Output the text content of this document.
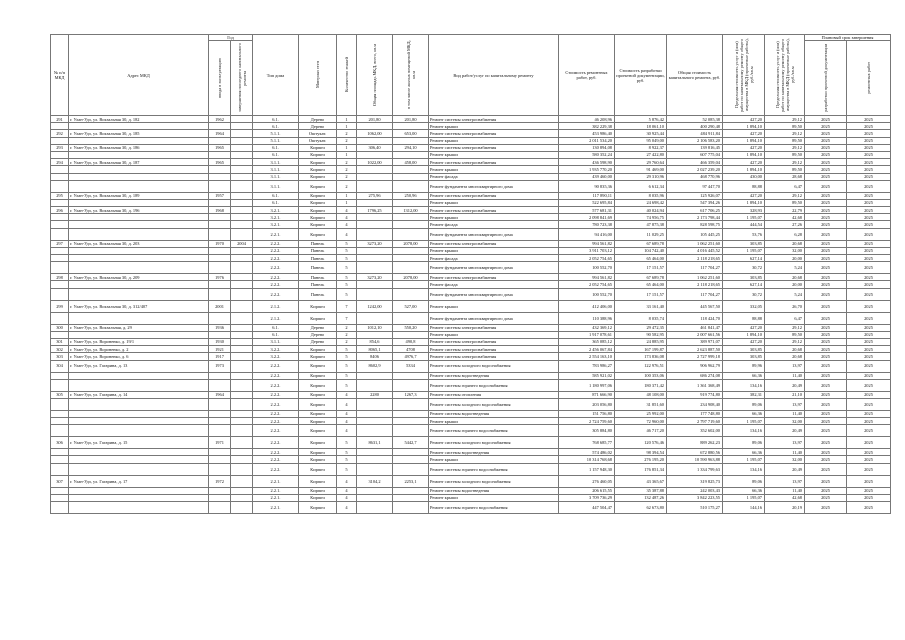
№ п/п МКД	Адрес МКД	Год		Тип дома	Материал стен	Количество этажей	Общая площадь МКД, всего, кв.м	в том числе жилых помещений МКД, кв.м	Вид работ/услуг по капитальному ремонту	Стоимость ремонтных работ, руб.	Стоимость разработки проектной документации, руб.	Общая стоимость капитального ремонта, руб.	Предельная стоимость услуг и (или) работ по капитальному ремонту общего имущества в МКД (проектные работы), руб./кв.м	Предельная стоимость услуг и (или) работ по капитальному ремонту общего имущества в МКД (проектные работы), руб./кв.м	Плановый срок завершения	

		ввода в эксплуатацию	завершения последнего капитального ремонта												разработки проектной документации	ремонтных работ

291	г. Улан-Удэ, ул. Вокзальная 30, д. 182	1962		6.1.	Дерево	1	201,80	201,80	Ремонт системы электроснабжения	46 208,96	5 876,42	52 085,38	427,20	29,12	2025	2025
				6.1.	Дерево	1			Ремонт крыши	382 229,38	18 061,10	400 290,48	1 894,10	89,50	2025	2025
292	г. Улан-Удэ, ул. Вокзальная 30, д. 185	1964		5.1.1.	Оштукат.	2	1062,00	653,00	Ремонт системы электроснабжения	453 986,40	30 925,44	484 911,84	427,20	29,12	2025	2025
				5.1.1.	Оштукат.	2			Ремонт крыши	2 011 534,20	95 049,00	2 106 583,20	1 894,10	89,50	2025	2025
293	г. Улан-Удэ, ул. Вокзальная 30, д. 186	1965		6.1.	Кирпич	1	306,40	294,10	Ремонт системы электроснабжения	130 894,08	8 922,37	139 816,45	427,20	29,12	2025	2025
				6.1.	Кирпич	1			Ремонт крыши	580 352,24	27 422,80	607 775,04	1 894,10	89,50	2025	2025
294	г. Улан-Удэ, ул. Вокзальная 30, д. 187	1965		3.1.1.	Кирпич	2	1022,00	458,00	Ремонт системы электроснабжения	436 598,90	29 760,64	466 359,04	427,20	29,12	2025	2025
				3.1.1.	Кирпич	2			Ремонт крыши	1 935 770,20	91 469,00	2 027 239,20	1 894,10	89,50	2025	2025
				3.1.1.	Кирпич	2			Ремонт фасада	439 460,00	29 310,96	468 770,96	430,00	28,68	2025	2025
				3.1.1.	Кирпич	2			Ремонт фундамента многоквартирного дома	90 835,36	6 612,34	97 447,70	88,88	6,47	2025	2025
295	г. Улан-Удэ, ул. Вокзальная 30, д. 189	1957		6.1.	Кирпич	1	275,96	250,96	Ремонт системы электроснабжения	117 890,11	8 035,96	125 926,07	427,20	29,12	2025	2025
				6.1.	Кирпич	1			Ремонт крыши	522 695,84	24 698,42	547 394,26	1 894,10	89,50	2025	2025
296	г. Улан-Удэ, ул. Вокзальная 30, д. 196	1968		3.2.1.	Кирпич	4	1796,25	1312,00	Ремонт системы электроснабжения	577 681,31	40 024,94	617 706,25	328,93	22,79	2025	2025
				3.2.1.	Кирпич	4			Ремонт крыши	2 098 841,69	74 956,75	2 173 798,44	1 195,07	42,68	2025	2025
				3.2.1.	Кирпич	4			Ремонт фасада	780 723,38	47 875,38	828 598,75	444,54	27,26	2025	2025
				2.2.1.	Кирпич	4			Ремонт фундамента многоквартирного дома	94 416,00	11 029,25	105 445,25	53,76	6,28	2025	2025
297	г. Улан-Удэ, ул. Вокзальная 30, д. 203	1970	2004	2.2.2.	Панель	5	3273,20	2078,00	Ремонт системы электроснабжения	994 561,82	67 689,78	1 062 251,60	303,85	20,68	2025	2025
				2.2.2.	Панель	5			Ремонт крыши	3 911 703,12	104 742,40	4 016 445,52	1 195,07	32,00	2025	2025
				2.2.2.	Панель	5			Ремонт фасада	2 052 754,65	65 464,00	2 118 218,65	627,14	20,00	2025	2025
				2.2.2.	Панель	5			Ремонт фундамента многоквартирного дома	100 552,70	17 151,57	117 704,27	30,72	5,24	2025	2025
298	г. Улан-Удэ, ул. Вокзальная 30, д. 209	1976		2.2.2.	Панель	5	3273,20	2078,00	Ремонт системы электроснабжения	994 561,82	67 689,78	1 062 251,60	303,85	20,68	2025	2025
				2.2.2.	Панель	5			Ремонт фасада	2 052 754,65	65 464,00	2 118 218,65	627,14	20,00	2025	2025
				2.2.2.	Панель	5			Ремонт фундамента многоквартирного дома	100 552,70	17 151,57	117 704,27	30,72	5,24	2025	2025
299	г. Улан-Удэ, ул. Вокзальная 30, д. 312/407	2001		2.1.2.	Кирпич	7	1242,00	527,00	Ремонт крыши	412 406,00	33 161,40	445 567,50	332,05	26,70	2025	2025
				2.1.2.	Кирпич	7			Ремонт фундамента многоквартирного дома	110 388,96	8 035,74	118 424,70	88,88	6,47	2025	2025
300	г. Улан-Удэ, ул. Вокзальная, д. 29	1936		6.1.	Дерево	2	1012,10	550,20	Ремонт системы электроснабжения	432 369,12	29 472,35	461 841,47	427,20	29,12	2025	2025
				6.1.	Дерево	2			Ремонт крыши	1 917 078,61	90 582,95	2 007 661,56	1 894,10	89,50	2025	2025
301	г. Улан-Удэ, ул. Вороненко, д. 19/1	1930		3.1.1.	Дерево	2	854,6	490,8	Ремонт системы электроснабжения	365 085,12	24 885,95	389 971,07	427,20	29,12	2025	2025
302	г. Улан-Удэ, ул. Вороненко, д. 2	1921		3.2.2.	Кирпич	5	8065,1	4708	Ремонт системы электроснабжения	2 456 067,84	167 199,87	2 623 887,50	303,85	20,68	2025	2025
303	г. Улан-Удэ, ул. Вороненко, д. 6	1917		3.2.2.	Кирпич	5	8406	4976,7	Ремонт системы электроснабжения	2 554 163,10	173 836,08	2 727 999,18	303,85	20,68	2025	2025
304	г. Улан-Удэ, ул. Гагарина, д. 13	1973		2.2.2.	Кирпич	5	8602,9	5334	Ремонт системы холодного водоснабжения	783 986,27	122 976,51	906 962,79	89,96	13,97	2025	2025
				2.2.2.	Кирпич	5			Ремонт системы водоотведения	585 921,02	100 353,06	686 274,08	66,36	11,40	2025	2025
				2.2.2.	Кирпич	5			Ремонт системы горячего водоснабжения	1 180 997,06	180 371,42	1 361 368,49	134,16	20,49	2025	2025
305	г. Улан-Удэ, ул. Гагарина, д. 14	1964		2.2.2.	Кирпич	4	2280	1267,3	Ремонт системы отопления	871 666,90	48 108,00	919 774,80	382,31	21,10	2025	2025
				2.2.2.	Кирпич	4			Ремонт системы холодного водоснабжения	203 056,80	31 851,60	234 908,40	89,06	13,97	2025	2025
				2.2.2.	Кирпич	4			Ремонт системы водоотведения	151 756,80	25 992,00	177 748,80	66,36	11,40	2025	2025
				2.2.2.	Кирпич	4			Ремонт крыши	2 724 759,60	72 960,00	2 797 719,60	1 195,07	32,00	2025	2025
				2.2.2.	Кирпич	4			Ремонт системы горячего водоснабжения	305 884,80	46 717,20	352 602,00	134,16	20,49	2025	2025
306	г. Улан-Удэ, ул. Гагарина, д. 15	1971		2.2.2.	Кирпич	5	8631,1	5442,7	Ремонт системы холодного водоснабжения	768 685,77	120 576,46	889 262,23	89,06	13,97	2025	2025
				2.2.2.	Кирпич	5			Ремонт системы водоотведения	574 486,02	98 394,54	672 880,56	66,36	11,40	2025	2025
				2.2.2.	Кирпич	5			Ремонт крыши	10 314 768,68	276 195,20	10 590 963,88	1 195,07	32,00	2025	2025
				2.2.2.	Кирпич	5			Ремонт системы горячего водоснабжения	1 157 948,30	176 851,34	1 334 799,63	134,16	20,49	2025	2025
307	г. Улан-Удэ, ул. Гагарина, д. 17	1972		2.2.1.	Кирпич	4	3104,2	2253,1	Ремонт системы холодного водоснабжения	276 460,05	43 365,67	319 825,73	89,06	13,97	2025	2025
				2.2.1.	Кирпич	4			Ремонт системы водоотведения	206 615,55	35 387,88	242 003,43	66,36	11,40	2025	2025
				2.2.1.	Кирпич	4			Ремонт крыши	3 709 736,29	132 487,26	3 842 223,55	1 195,07	42,68	2025	2025
				2.2.1.	Кирпич	4			Ремонт системы горячего водоснабжения	447 504,47	62 673,80	510 175,27	144,16	20,19	2025	2025
